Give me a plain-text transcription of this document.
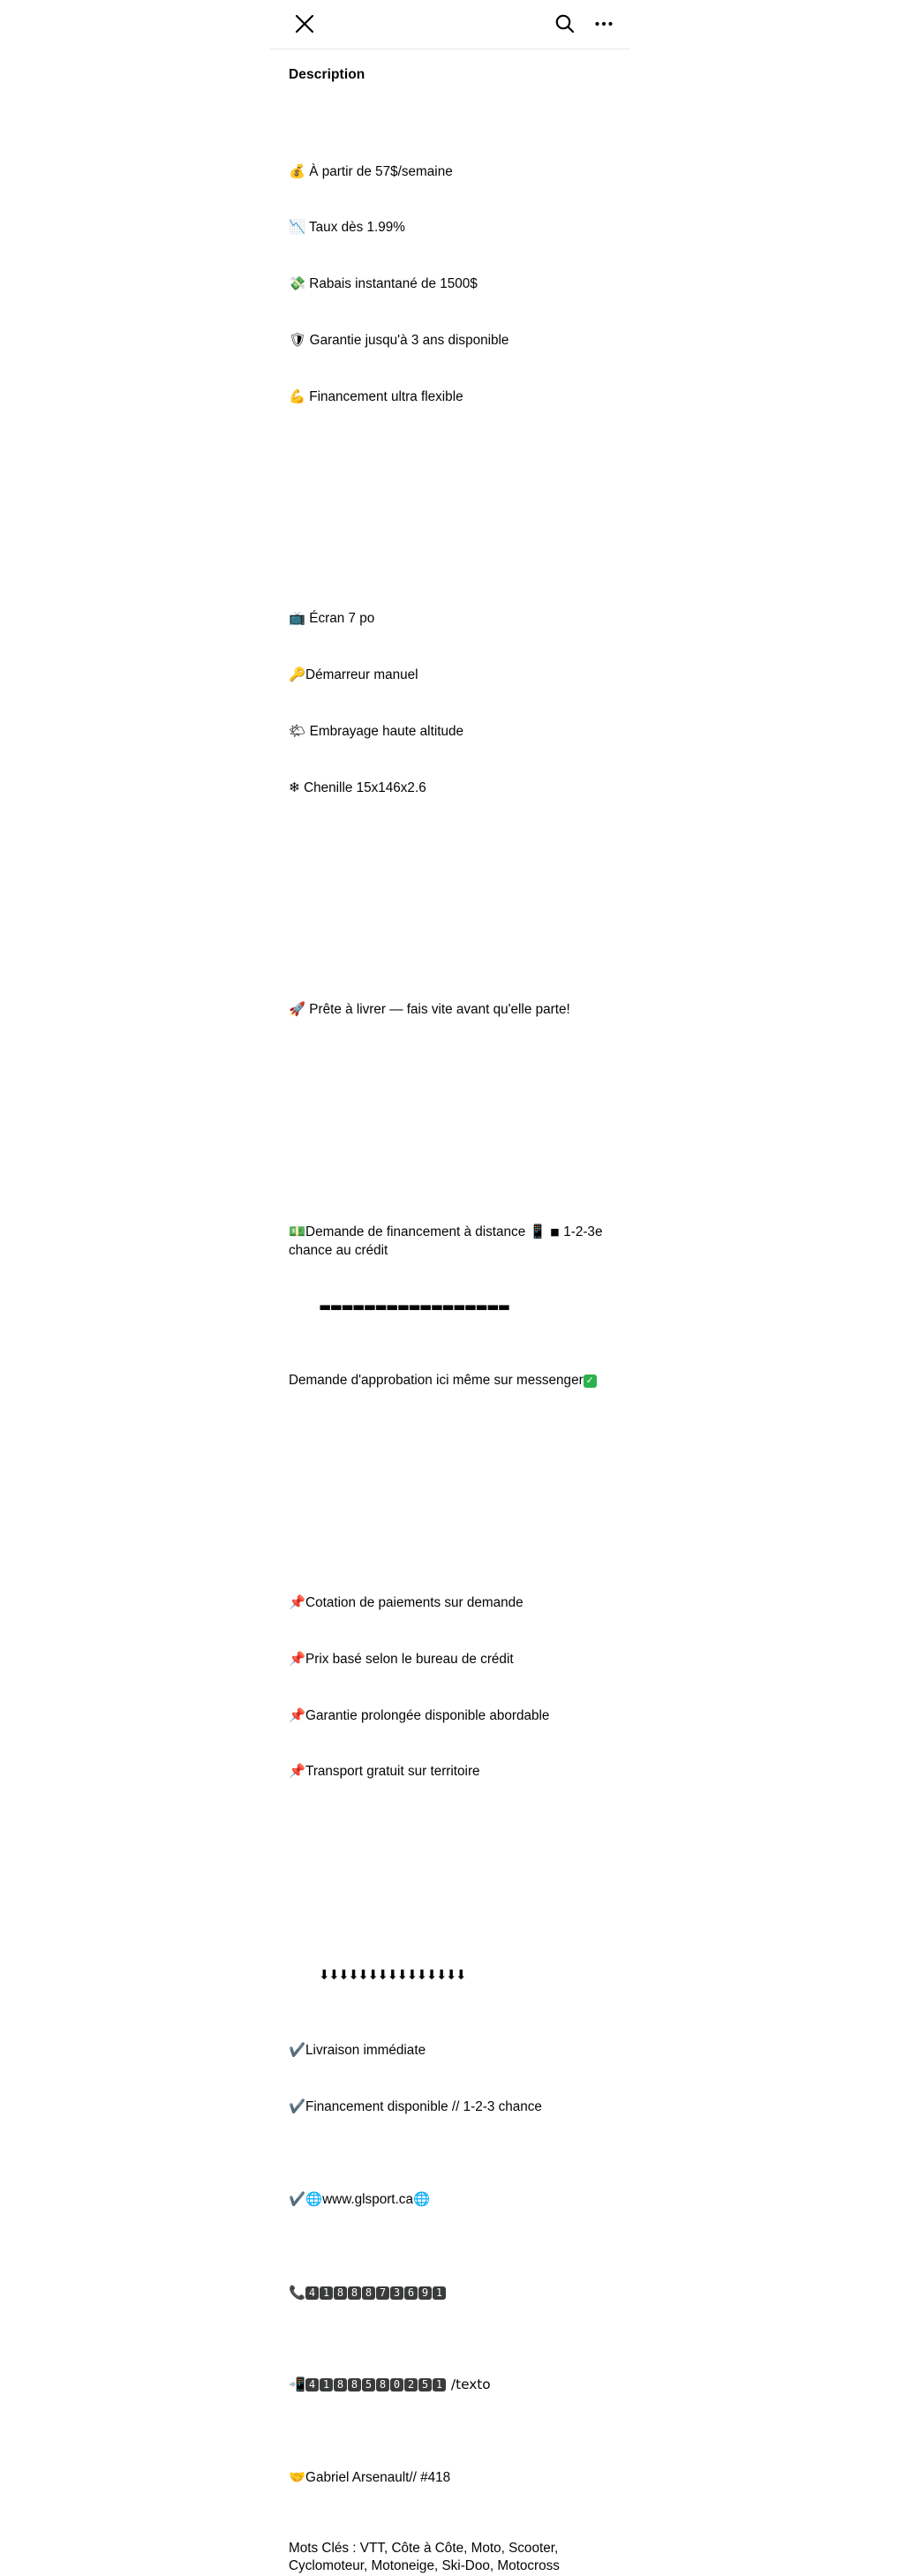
Description

💰 À partir de 57$/semaine

📉 Taux dès 1.99%

💸 Rabais instantané de 1500$

🛡 Garantie jusqu'à 3 ans disponible

💪 Financement ultra flexible

📺 Écran 7 po

🔑Démarreur manuel

🌤 Embrayage haute altitude

❄ Chenille 15x146x2.6

🚀 Prête à livrer — fais vite avant qu'elle parte!

💵Demande de financement à distance 📱 ◾ 1-2-3e chance au crédit

▬▬▬▬▬▬▬▬▬▬▬▬▬▬▬▬▬

Demande d'approbation ici même sur messenger ✓

📌Cotation de paiements sur demande

📌Prix basé selon le bureau de crédit

📌Garantie prolongée disponible abordable

📌Transport gratuit sur territoire

⬇⬇⬇⬇⬇⬇⬇⬇⬇⬇⬇⬇⬇⬇⬇

✔️Livraison immédiate

✔️Financement disponible // 1-2-3 chance

✔️🌐www.glsport.ca🌐

📞 4 1 8 8 8 7 3 6 9 1

📲 4 1 8 8 5 8 0 2 5 1 /texto

🤝Gabriel Arsenault// #418

Mots Clés : VTT, Côte à Côte, Moto, Scooter,
Cyclomoteur, Motoneige, Ski-Doo, Motocross
